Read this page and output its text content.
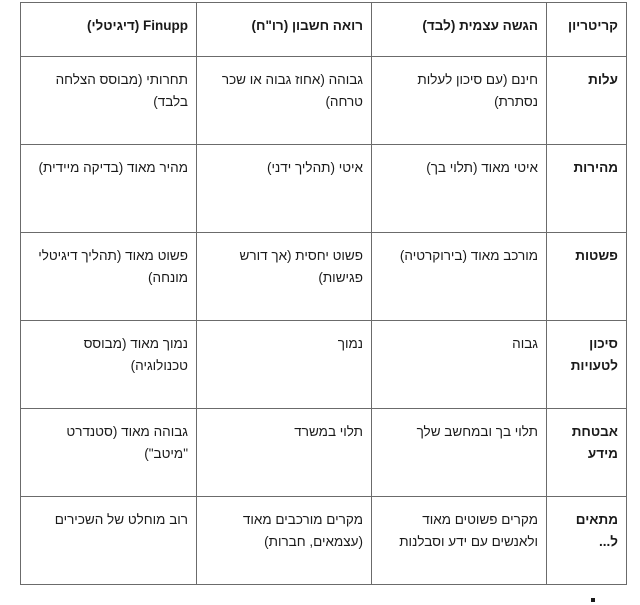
קריטריון	הגשה עצמית (לבד)	רואה חשבון (רו"ח)	Finupp (דיגיטלי)
עלות	חינם (עם סיכון לעלות נסתרת)	גבוהה (אחוז גבוה או שכר טרחה)	תחרותי (מבוסס הצלחה בלבד)
מהירות	איטי מאוד (תלוי בך)	איטי (תהליך ידני)	מהיר מאוד (בדיקה מיידית)
פשטות	מורכב מאוד (בירוקרטיה)	פשוט יחסית (אך דורש פגישות)	פשוט מאוד (תהליך דיגיטלי מונחה)
סיכון לטעויות	גבוה	נמוך	נמוך מאוד (מבוסס טכנולוגיה)
אבטחת מידע	תלוי בך ובמחשב שלך	תלוי במשרד	גבוהה מאוד (סטנדרט "מיטב")
מתאים ל...	מקרים פשוטים מאוד ולאנשים עם ידע וסבלנות	מקרים מורכבים מאוד (עצמאים, חברות)	רוב מוחלט של השכירים
